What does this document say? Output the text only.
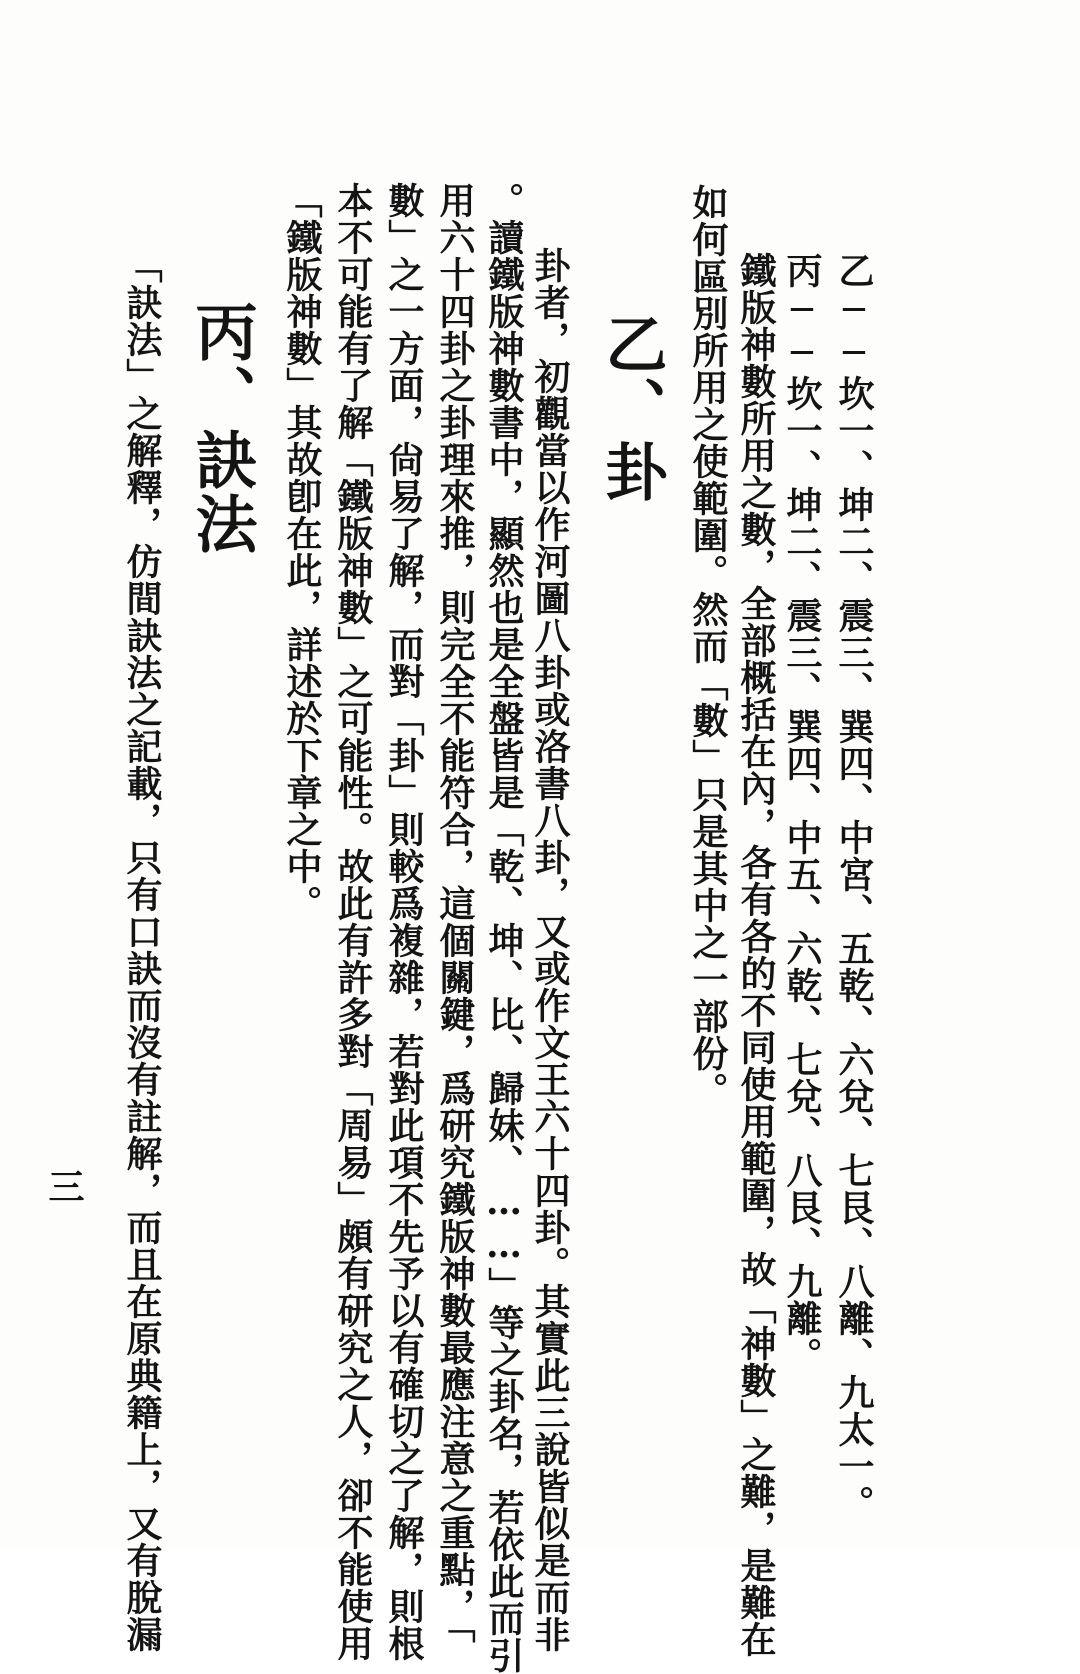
乙──坎一、坤二、震三、巽四、中宮、五乾、六兌、七艮、八離、九太一。
丙──坎一、坤二、震三、巽四、中五、六乾、七兌、八艮、九離。
鐵版神數所用之數，全部概括在內，各有各的不同使用範圍，故「神數」之難，是難在
如何區別所用之使範圍。然而「數」只是其中之一部份。
乙、卦
卦者，初觀當以作河圖八卦或洛書八卦，又或作文王六十四卦。其實此三說皆似是而非
。讀鐵版神數書中，顯然也是全盤皆是「乾、坤、比、歸妹、……」等之卦名，若依此而引
用六十四卦之卦理來推，則完全不能符合，這個關鍵，爲研究鐵版神數最應注意之重點，「
數」之一方面，尙易了解，而對「卦」則較爲複雜，若對此項不先予以有確切之了解，則根
本不可能有了解「鐵版神數」之可能性。故此有許多對「周易」頗有研究之人，卻不能使用
「鐵版神數」其故卽在此，詳述於下章之中。
丙、訣法
「訣法」之解釋，仿間訣法之記載，只有口訣而沒有註解，而且在原典籍上，又有脫漏
三
